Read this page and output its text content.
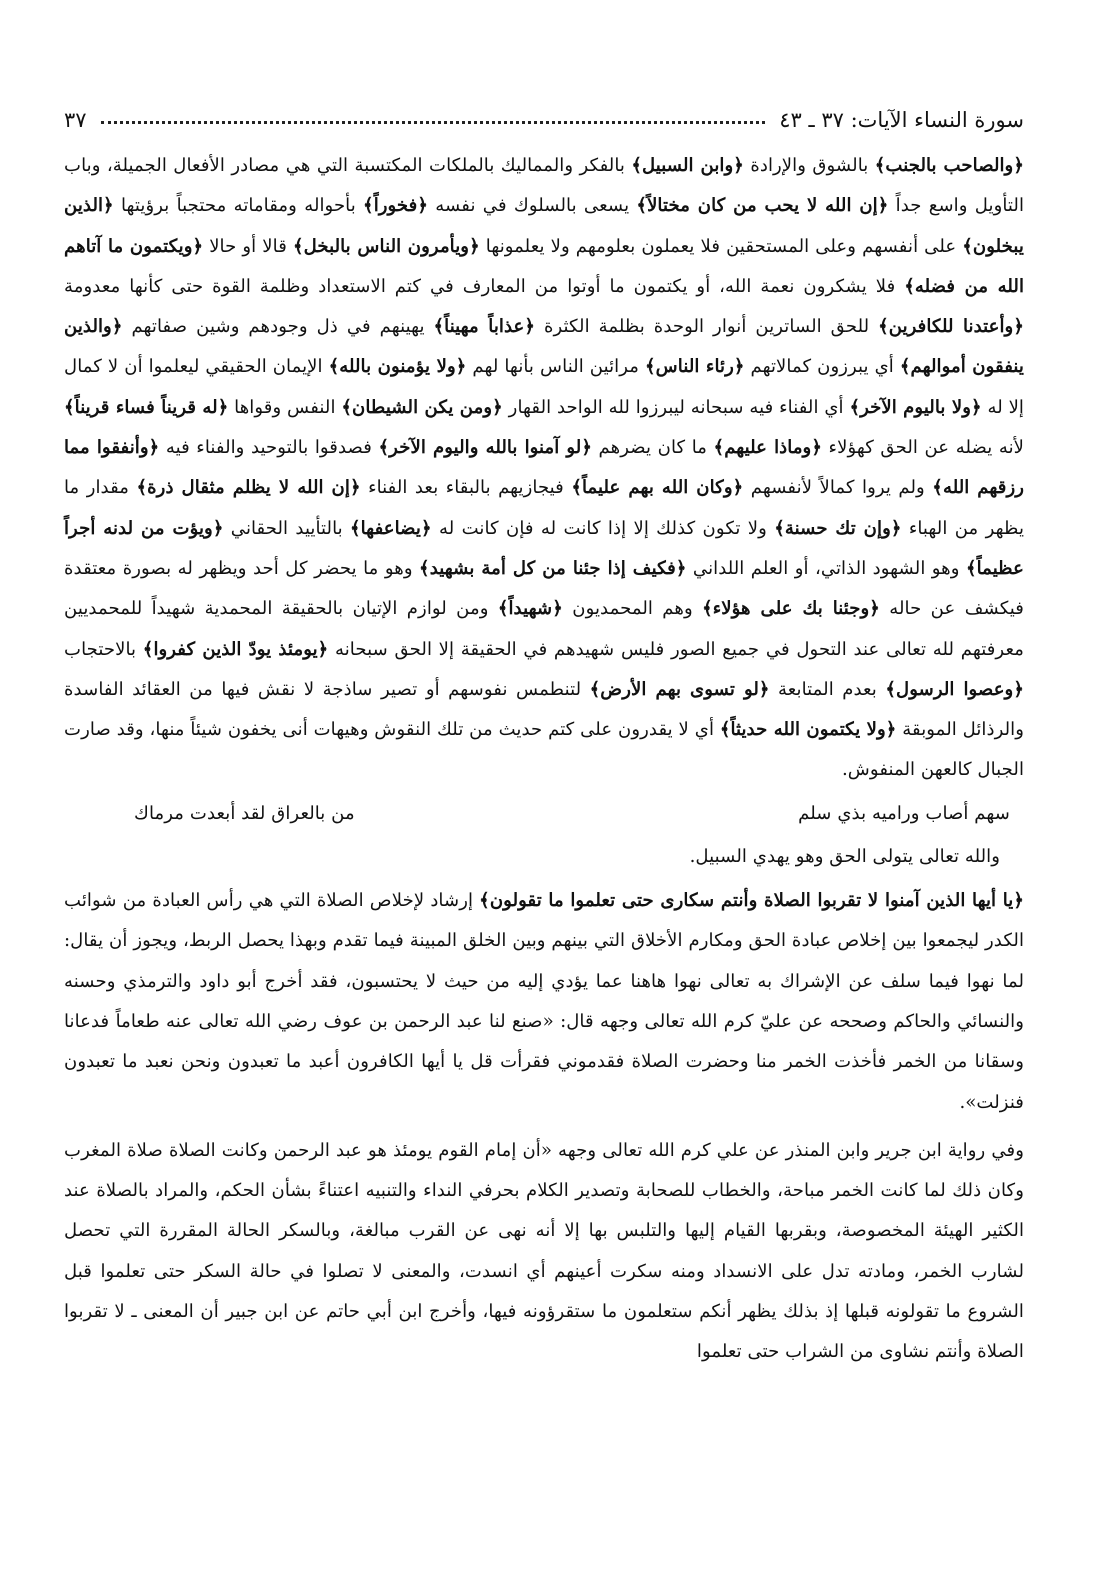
سورة النساء الآيات: ٣٧ ـ ٤٣
٣٧

﴿والصاحب بالجنب﴾ بالشوق والإرادة ﴿وابن السبيل﴾ بالفكر والمماليك بالملكات المكتسبة التي هي مصادر الأفعال الجميلة، وباب التأويل واسع جداً ﴿إن الله لا يحب من كان مختالاً﴾ يسعى بالسلوك في نفسه ﴿فخوراً﴾ بأحواله ومقاماته محتجباً برؤيتها ﴿الذين يبخلون﴾ على أنفسهم وعلى المستحقين فلا يعملون بعلومهم ولا يعلمونها ﴿ويأمرون الناس بالبخل﴾ قالا أو حالا ﴿ويكتمون ما آتاهم الله من فضله﴾ فلا يشكرون نعمة الله، أو يكتمون ما أوتوا من المعارف في كتم الاستعداد وظلمة القوة حتى كأنها معدومة ﴿وأعتدنا للكافرين﴾ للحق الساترين أنوار الوحدة بظلمة الكثرة ﴿عذاباً مهيناً﴾ يهينهم في ذل وجودهم وشين صفاتهم ﴿والذين ينفقون أموالهم﴾ أي يبرزون كمالاتهم ﴿رئاء الناس﴾ مرائين الناس بأنها لهم ﴿ولا يؤمنون بالله﴾ الإيمان الحقيقي ليعلموا أن لا كمال إلا له ﴿ولا باليوم الآخر﴾ أي الفناء فيه سبحانه ليبرزوا لله الواحد القهار ﴿ومن يكن الشيطان﴾ النفس وقواها ﴿له قريناً فساء قريناً﴾ لأنه يضله عن الحق كهؤلاء ﴿وماذا عليهم﴾ ما كان يضرهم ﴿لو آمنوا بالله واليوم الآخر﴾ فصدقوا بالتوحيد والفناء فيه ﴿وأنفقوا مما رزقهم الله﴾ ولم يروا كمالاً لأنفسهم ﴿وكان الله بهم عليماً﴾ فيجازيهم بالبقاء بعد الفناء ﴿إن الله لا يظلم مثقال ذرة﴾ مقدار ما يظهر من الهباء ﴿وإن تك حسنة﴾ ولا تكون كذلك إلا إذا كانت له فإن كانت له ﴿يضاعفها﴾ بالتأييد الحقاني ﴿ويؤت من لدنه أجراً عظيماً﴾ وهو الشهود الذاتي، أو العلم اللداني ﴿فكيف إذا جئنا من كل أمة بشهيد﴾ وهو ما يحضر كل أحد ويظهر له بصورة معتقدة فيكشف عن حاله ﴿وجئنا بك على هؤلاء﴾ وهم المحمديون ﴿شهيداً﴾ ومن لوازم الإتيان بالحقيقة المحمدية شهيداً للمحمديين معرفتهم لله تعالى عند التحول في جميع الصور فليس شهيدهم في الحقيقة إلا الحق سبحانه ﴿يومئذ يودّ الذين كفروا﴾ بالاحتجاب ﴿وعصوا الرسول﴾ بعدم المتابعة ﴿لو تسوى بهم الأرض﴾ لتنطمس نفوسهم أو تصير ساذجة لا نقش فيها من العقائد الفاسدة والرذائل الموبقة ﴿ولا يكتمون الله حديثاً﴾ أي لا يقدرون على كتم حديث من تلك النقوش وهيهات أنى يخفون شيئاً منها، وقد صارت الجبال كالعهن المنفوش.

سهم أصاب وراميه بذي سلم
من بالعراق لقد أبعدت مرماك

والله تعالى يتولى الحق وهو يهدي السبيل.

﴿يا أيها الذين آمنوا لا تقربوا الصلاة وأنتم سكارى حتى تعلموا ما تقولون﴾ إرشاد لإخلاص الصلاة التي هي رأس العبادة من شوائب الكدر ليجمعوا بين إخلاص عبادة الحق ومكارم الأخلاق التي بينهم وبين الخلق المبينة فيما تقدم وبهذا يحصل الربط، ويجوز أن يقال: لما نهوا فيما سلف عن الإشراك به تعالى نهوا هاهنا عما يؤدي إليه من حيث لا يحتسبون، فقد أخرج أبو داود والترمذي وحسنه والنسائي والحاكم وصححه عن عليّ كرم الله تعالى وجهه قال: «صنع لنا عبد الرحمن بن عوف رضي الله تعالى عنه طعاماً فدعانا وسقانا من الخمر فأخذت الخمر منا وحضرت الصلاة فقدموني فقرأت قل يا أيها الكافرون أعبد ما تعبدون ونحن نعبد ما تعبدون فنزلت».

وفي رواية ابن جرير وابن المنذر عن علي كرم الله تعالى وجهه «أن إمام القوم يومئذ هو عبد الرحمن وكانت الصلاة صلاة المغرب وكان ذلك لما كانت الخمر مباحة، والخطاب للصحابة وتصدير الكلام بحرفي النداء والتنبيه اعتناءً بشأن الحكم، والمراد بالصلاة عند الكثير الهيئة المخصوصة، وبقربها القيام إليها والتلبس بها إلا أنه نهى عن القرب مبالغة، وبالسكر الحالة المقررة التي تحصل لشارب الخمر، ومادته تدل على الانسداد ومنه سكرت أعينهم أي انسدت، والمعنى لا تصلوا في حالة السكر حتى تعلموا قبل الشروع ما تقولونه قبلها إذ بذلك يظهر أنكم ستعلمون ما ستقرؤونه فيها، وأخرج ابن أبي حاتم عن ابن جبير أن المعنى ـ لا تقربوا الصلاة وأنتم نشاوى من الشراب حتى تعلموا
